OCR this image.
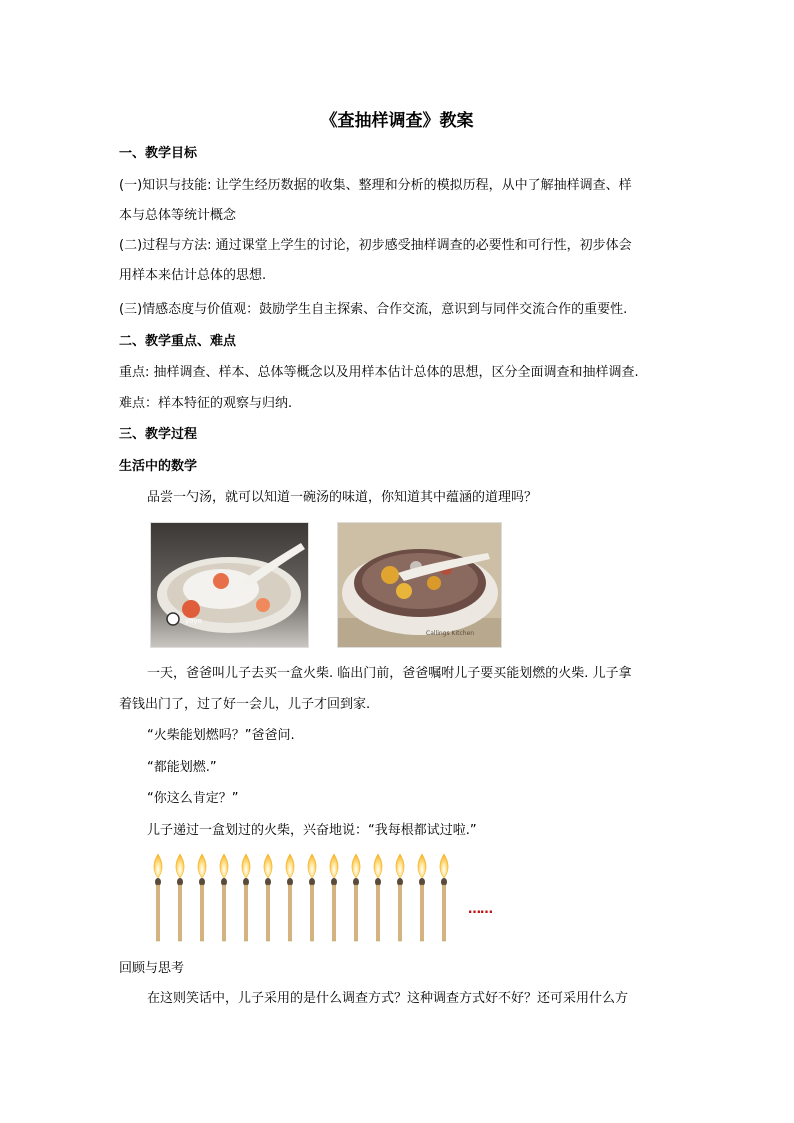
《查抽样调查》教案
一、教学目标
(一)知识与技能: 让学生经历数据的收集、整理和分析的模拟历程，从中了解抽样调查、样
本与总体等统计概念
(二)过程与方法: 通过课堂上学生的讨论，初步感受抽样调查的必要性和可行性，初步体会
用样本来估计总体的思想.
(三)情感态度与价值观：鼓励学生自主探索、合作交流，意识到与同伴交流合作的重要性.
二、教学重点、难点
重点: 抽样调查、样本、总体等概念以及用样本估计总体的思想，区分全面调查和抽样调查.
难点：样本特征的观察与归纳.
三、教学过程
生活中的数学
品尝一勺汤，就可以知道一碗汤的味道，你知道其中蕴涵的道理吗？
yoyo
Callings Kitchen
一天，爸爸叫儿子去买一盒火柴. 临出门前，爸爸嘱咐儿子要买能划燃的火柴. 儿子拿
着钱出门了，过了好一会儿，儿子才回到家.
“火柴能划燃吗？”爸爸问.
“都能划燃.”
“你这么肯定？”
儿子递过一盒划过的火柴，兴奋地说：“我每根都试过啦.”
……
回顾与思考
在这则笑话中，儿子采用的是什么调查方式？这种调查方式好不好？还可采用什么方
